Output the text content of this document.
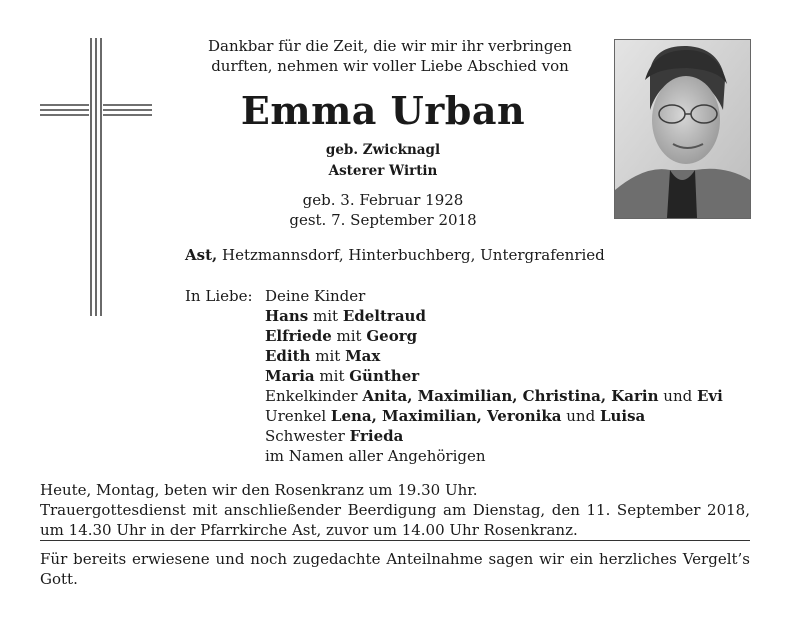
Dankbar für die Zeit, die wir mir ihr verbringen
durften, nehmen wir voller Liebe Abschied von
Emma Urban
geb. Zwicknagl
Asterer Wirtin
geb. 3. Februar 1928
gest. 7. September 2018
Ast, Hetzmannsdorf, Hinterbuchberg, Untergrafenried
In Liebe: Deine Kinder
Hans mit Edeltraud
Elfriede mit Georg
Edith mit Max
Maria mit Günther
Enkelkinder Anita, Maximilian, Christina, Karin und Evi
Urenkel Lena, Maximilian, Veronika und Luisa
Schwester Frieda
im Namen aller Angehörigen
Heute, Montag, beten wir den Rosenkranz um 19.30 Uhr.
Trauergottesdienst mit anschließender Beerdigung am Dienstag, den 11. September 2018, um 14.30 Uhr in der Pfarrkirche Ast, zuvor um 14.00 Uhr Rosenkranz.
Für bereits erwiesene und noch zugedachte Anteilnahme sagen wir ein herzliches Vergelt’s Gott.
